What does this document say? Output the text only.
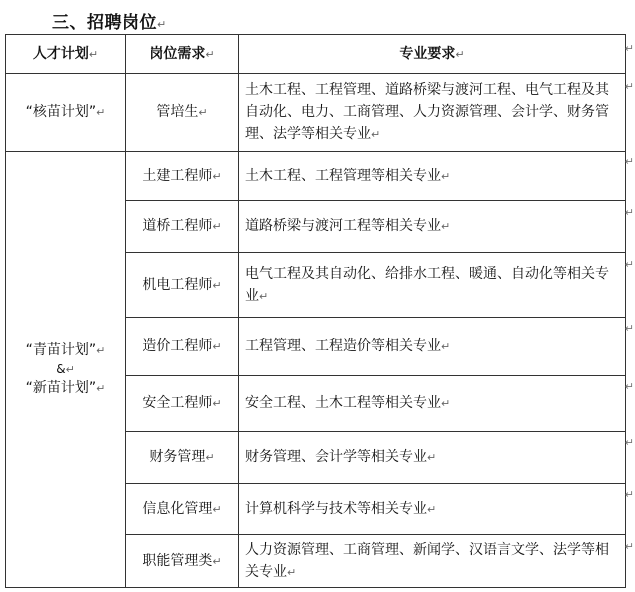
三、招聘岗位↵
人才计划↵	岗位需求↵	专业要求↵
“核苗计划”↵	管培生↵	土木工程、工程管理、道路桥梁与渡河工程、电气工程及其自动化、电力、工商管理、人力资源管理、会计学、财务管理、法学等相关专业↵

“青苗计划”↵
&↵
“新苗计划”↵	土建工程师↵	土木工程、工程管理等相关专业↵
	道桥工程师↵	道路桥梁与渡河工程等相关专业↵
	机电工程师↵	电气工程及其自动化、给排水工程、暖通、自动化等相关专业↵
	造价工程师↵	工程管理、工程造价等相关专业↵
	安全工程师↵	安全工程、土木工程等相关专业↵
	财务管理↵	财务管理、会计学等相关专业↵
	信息化管理↵	计算机科学与技术等相关专业↵
	职能管理类↵	人力资源管理、工商管理、新闻学、汉语言文学、法学等相关专业↵
↵
↵
↵
↵
↵
↵
↵
↵
↵
↵
